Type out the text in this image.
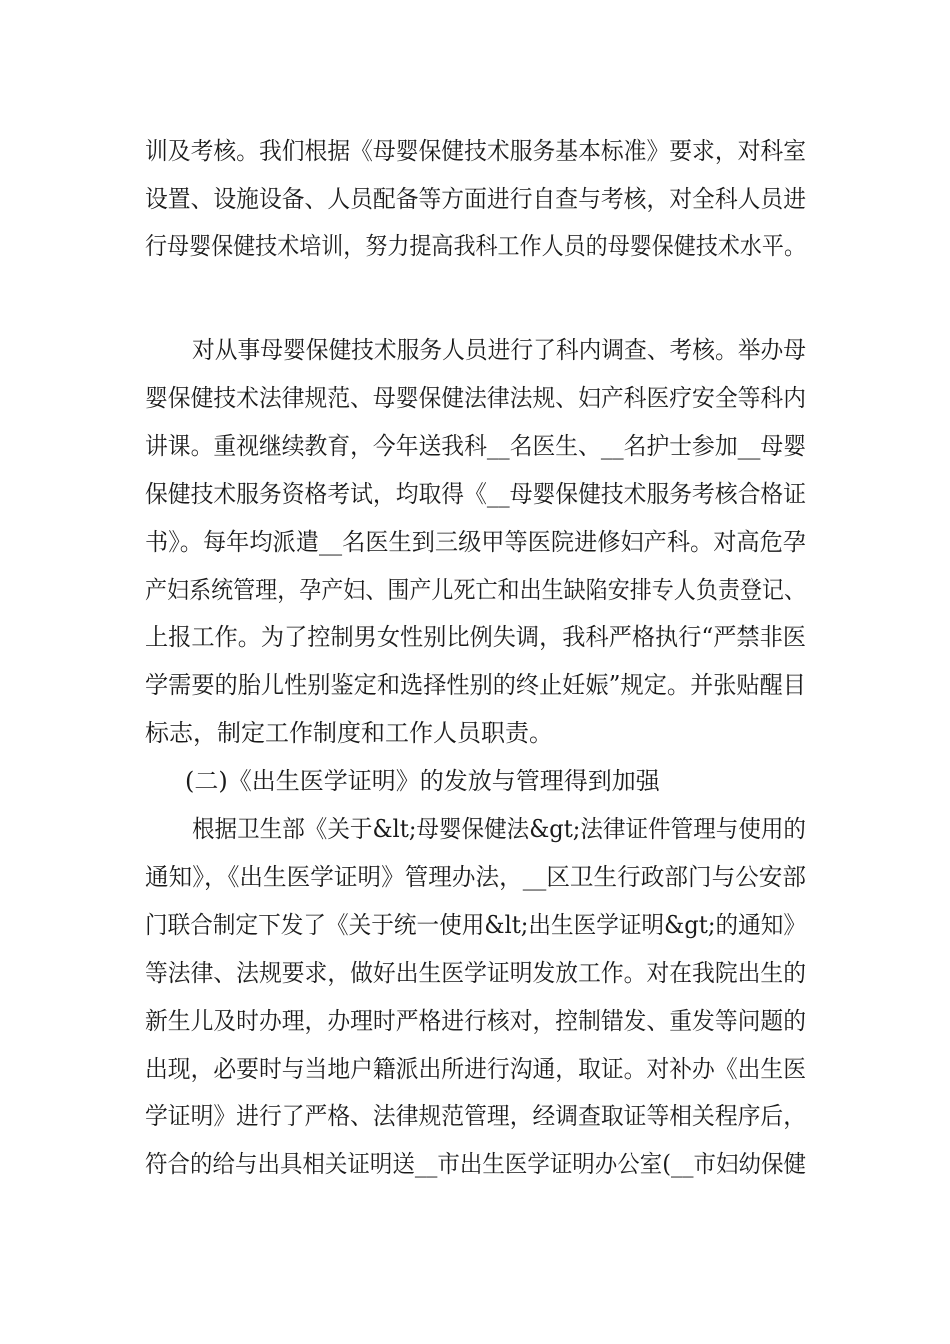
训及考核。我们根据《母婴保健技术服务基本标准》要求，对科室
设置、设施设备、人员配备等方面进行自查与考核，对全科人员进
行母婴保健技术培训，努力提高我科工作人员的母婴保健技术水平。
对从事母婴保健技术服务人员进行了科内调查、考核。举办母
婴保健技术法律规范、母婴保健法律法规、妇产科医疗安全等科内
讲课。重视继续教育，今年送我科__名医生、__名护士参加__母婴
保健技术服务资格考试，均取得《__母婴保健技术服务考核合格证
书》。每年均派遣__名医生到三级甲等医院进修妇产科。对高危孕
产妇系统管理，孕产妇、围产儿死亡和出生缺陷安排专人负责登记、
上报工作。为了控制男女性别比例失调，我科严格执行“严禁非医
学需要的胎儿性别鉴定和选择性别的终止妊娠”规定。并张贴醒目
标志，制定工作制度和工作人员职责。
(二)《出生医学证明》的发放与管理得到加强
根据卫生部《关于&lt;母婴保健法&gt;法律证件管理与使用的
通知》，《出生医学证明》管理办法，__区卫生行政部门与公安部
门联合制定下发了《关于统一使用&lt;出生医学证明&gt;的通知》
等法律、法规要求，做好出生医学证明发放工作。对在我院出生的
新生儿及时办理，办理时严格进行核对，控制错发、重发等问题的
出现，必要时与当地户籍派出所进行沟通，取证。对补办《出生医
学证明》进行了严格、法律规范管理，经调查取证等相关程序后，
符合的给与出具相关证明送__市出生医学证明办公室(__市妇幼保健
